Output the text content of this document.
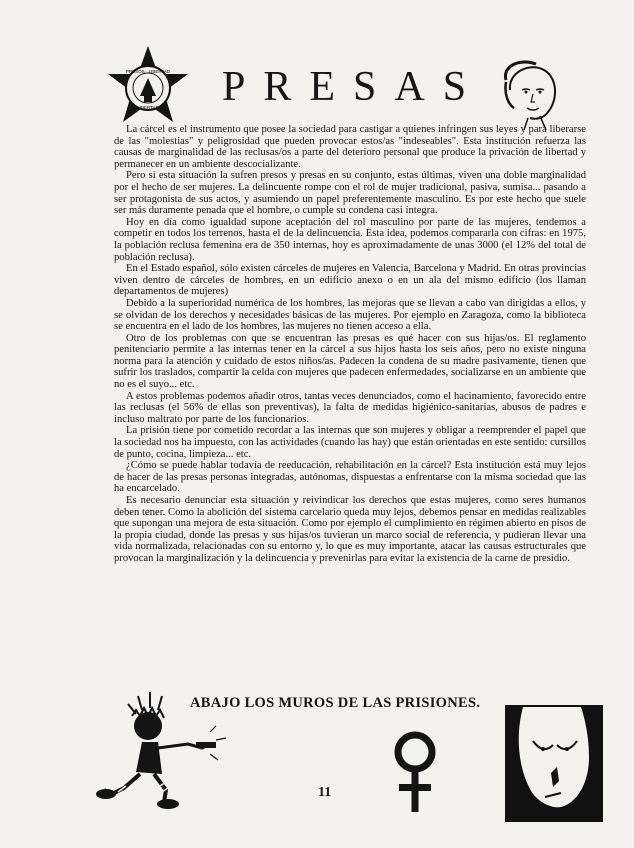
PRESOS · LIBERTAD
LIBERTAD PRESAS

La cárcel es el instrumento que posee la sociedad para castigar a quienes infringen sus leyes y para liberarse de las "molestias" y peligrosidad que pueden provocar estos/as "indeseables". Esta institución refuerza las causas de marginalidad de las reclusas/os a parte del deterioro personal que produce la privación de libertad y permanecer en un ambiente descocializante.

Pero si esta situación la sufren presos y presas en su conjunto, estas últimas, viven una doble marginalidad por el hecho de ser mujeres. La delincuente rompe con el rol de mujer tradicional, pasiva, sumisa... pasando a ser protagonista de sus actos, y asumiendo un papel preferentemente masculino. Es por este hecho que suele ser más duramente penada que el hombre, o cumple su condena casi íntegra.

Hoy en día como igualdad supone aceptación del rol masculino por parte de las mujeres, tendemos a competir en todos los terrenos, hasta el de la delincuencia. Esta idea, podemos compararla con cifras: en 1975, la población reclusa femenina era de 350 internas, hoy es aproximadamente de unas 3000 (el 12% del total de población reclusa).

En el Estado español, sólo existen cárceles de mujeres en Valencia, Barcelona y Madrid. En otras provincias viven dentro de cárceles de hombres, en un edificio anexo o en un ala del mismo edificio (los llaman departamentos de mujeres)

Debido a la superioridad numérica de los hombres, las mejoras que se llevan a cabo van dirigidas a ellos, y se olvidan de los derechos y necesidades básicas de las mujeres. Por ejemplo en Zaragoza, como la biblioteca se encuentra en el lado de los hombres, las mujeres no tienen acceso a ella.

Otro de los problemas con que se encuentran las presas es qué hacer con sus hijas/os. El reglamento penitenciario permite a las internas tener en la cárcel a sus hijos hasta los seis años, pero no existe ninguna norma para la atención y cuidado de estos niños/as. Padecen la condena de su madre pasivamente, tienen que sufrir los traslados, compartir la celda con mujeres que padecen enfermedades, socializarse en un ambiente que no es el suyo... etc.

A estos problemas podemos añadir otros, tantas veces denunciados, como el hacinamiento, favorecido entre las reclusas (el 56% de ellas son preventivas), la falta de medidas higiénico-sanitarias, abusos de padres e incluso maltrato por parte de los funcionarios.

La prisión tiene por cometido recordar a las internas que son mujeres y obligar a reemprender el papel que la sociedad nos ha impuesto, con las actividades (cuando las hay) que están orientadas en este sentido: cursillos de punto, cocina, limpieza... etc.

¿Cómo se puede hablar todavía de reeducación, rehabilitación en la cárcel? Esta institución está muy lejos de hacer de las presas personas integradas, autónomas, dispuestas a enfrentarse con la misma sociedad que las ha encarcelado.

Es necesario denunciar esta situación y reivindicar los derechos que estas mujeres, como seres humanos deben tener. Como la abolición del sistema carcelario queda muy lejos, debemos pensar en medidas realizables que supongan una mejora de esta situación. Como por ejemplo el cumplimiento en régimen abierto en pisos de la propia ciudad, donde las presas y sus hijas/os tuvieran un marco social de referencia, y pudieran llevar una vida normalizada, relacionadas con su entorno y, lo que es muy importante, atacar las causas estructurales que provocan la marginalización y la delincuencia y prevenirlas para evitar la existencia de la carne de presidio.

ABAJO LOS MUROS DE LAS PRISIONES.
11
